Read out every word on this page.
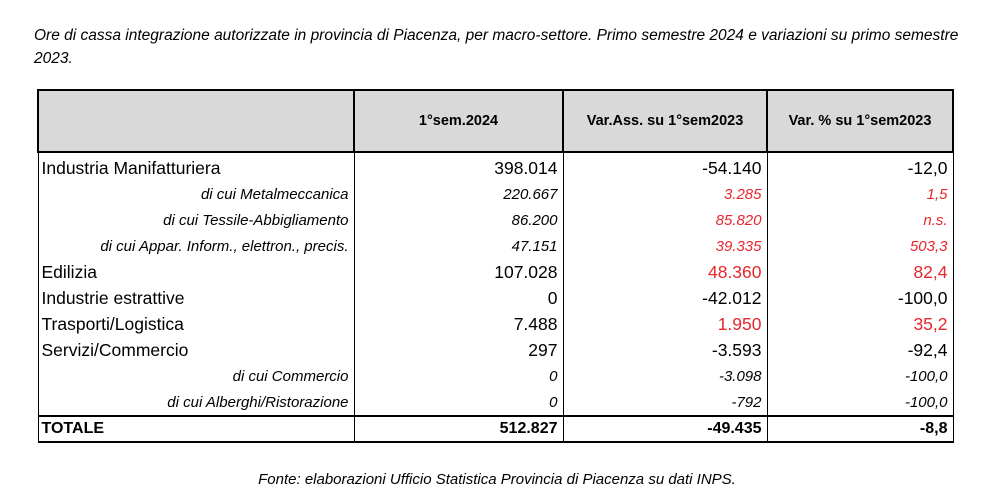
Ore di cassa integrazione autorizzate in provincia di Piacenza, per macro-settore. Primo semestre 2024 e variazioni su primo semestre 2023.
	1°sem.2024	Var.Ass. su 1°sem2023	Var. % su 1°sem2023
Industria Manifatturiera	398.014	-54.140	-12,0
di cui Metalmeccanica	220.667	3.285	1,5
di cui Tessile-Abbigliamento	86.200	85.820	n.s.
di cui Appar. Inform., elettron., precis.	47.151	39.335	503,3
Edilizia	107.028	48.360	82,4
Industrie estrattive	0	-42.012	-100,0
Trasporti/Logistica	7.488	1.950	35,2
Servizi/Commercio	297	-3.593	-92,4
di cui Commercio	0	-3.098	-100,0
di cui Alberghi/Ristorazione	0	-792	-100,0
TOTALE	512.827	-49.435	-8,8
Fonte: elaborazioni Ufficio Statistica Provincia di Piacenza su dati INPS.
